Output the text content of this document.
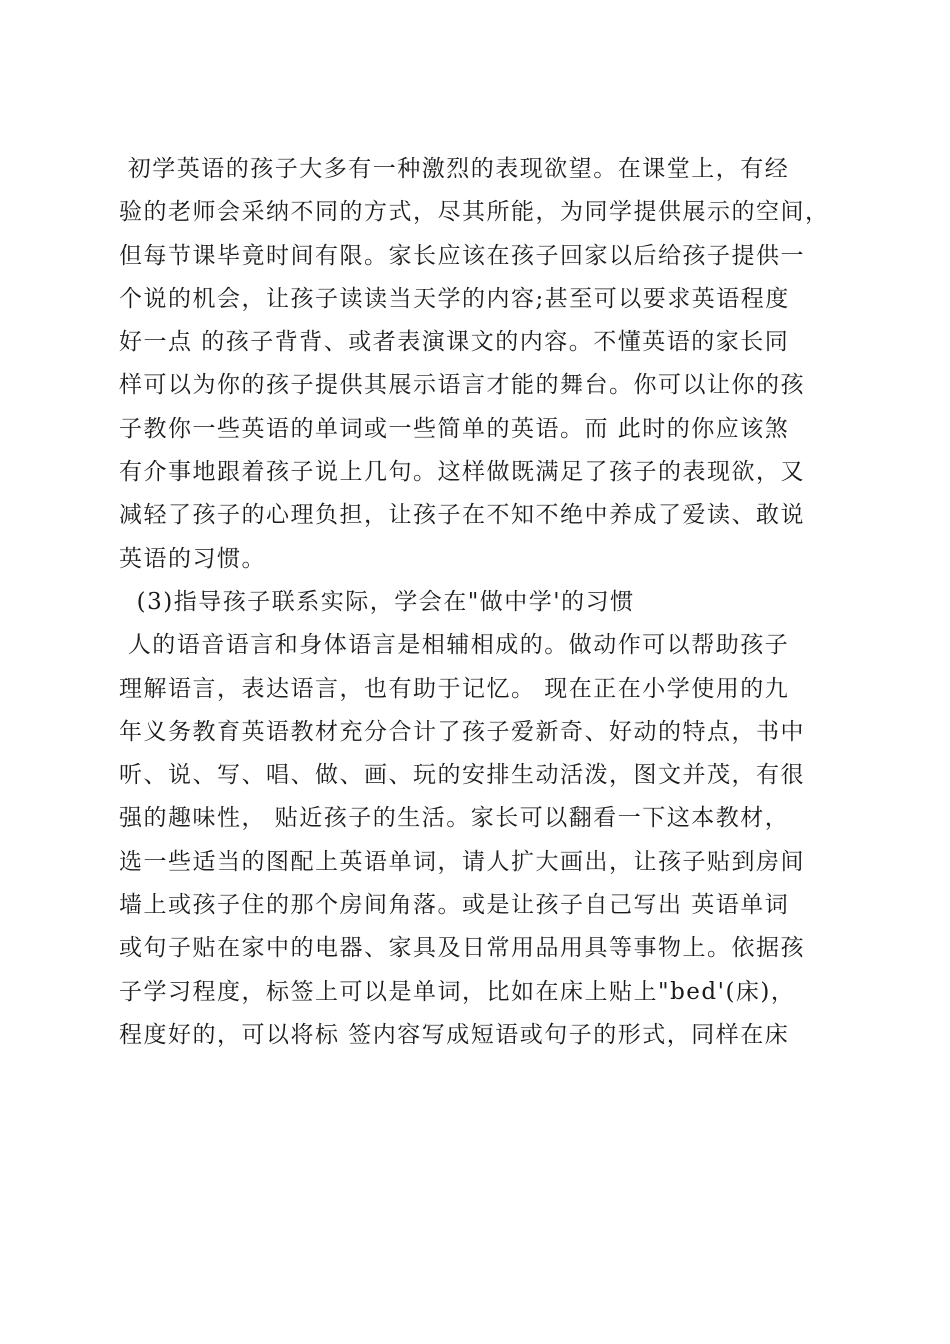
初学英语的孩子大多有一种激烈的表现欲望。在课堂上，有经
验的老师会采纳不同的方式，尽其所能，为同学提供展示的空间，
但每节课毕竟时间有限。家长应该在孩子回家以后给孩子提供一
个说的机会，让孩子读读当天学的内容;甚至可以要求英语程度
好一点 的孩子背背、或者表演课文的内容。不懂英语的家长同
样可以为你的孩子提供其展示语言才能的舞台。你可以让你的孩
子教你一些英语的单词或一些简单的英语。而 此时的你应该煞
有介事地跟着孩子说上几句。这样做既满足了孩子的表现欲，又
减轻了孩子的心理负担，让孩子在不知不绝中养成了爱读、敢说
英语的习惯。
(3)指导孩子联系实际，学会在"做中学'的习惯
人的语音语言和身体语言是相辅相成的。做动作可以帮助孩子
理解语言，表达语言，也有助于记忆。 现在正在小学使用的九
年义务教育英语教材充分合计了孩子爱新奇、好动的特点，书中
听、说、写、唱、做、画、玩的安排生动活泼，图文并茂，有很
强的趣味性， 贴近孩子的生活。家长可以翻看一下这本教材，
选一些适当的图配上英语单词，请人扩大画出，让孩子贴到房间
墙上或孩子住的那个房间角落。或是让孩子自己写出 英语单词
或句子贴在家中的电器、家具及日常用品用具等事物上。依据孩
子学习程度，标签上可以是单词，比如在床上贴上"bed'(床)，
程度好的，可以将标 签内容写成短语或句子的形式，同样在床
